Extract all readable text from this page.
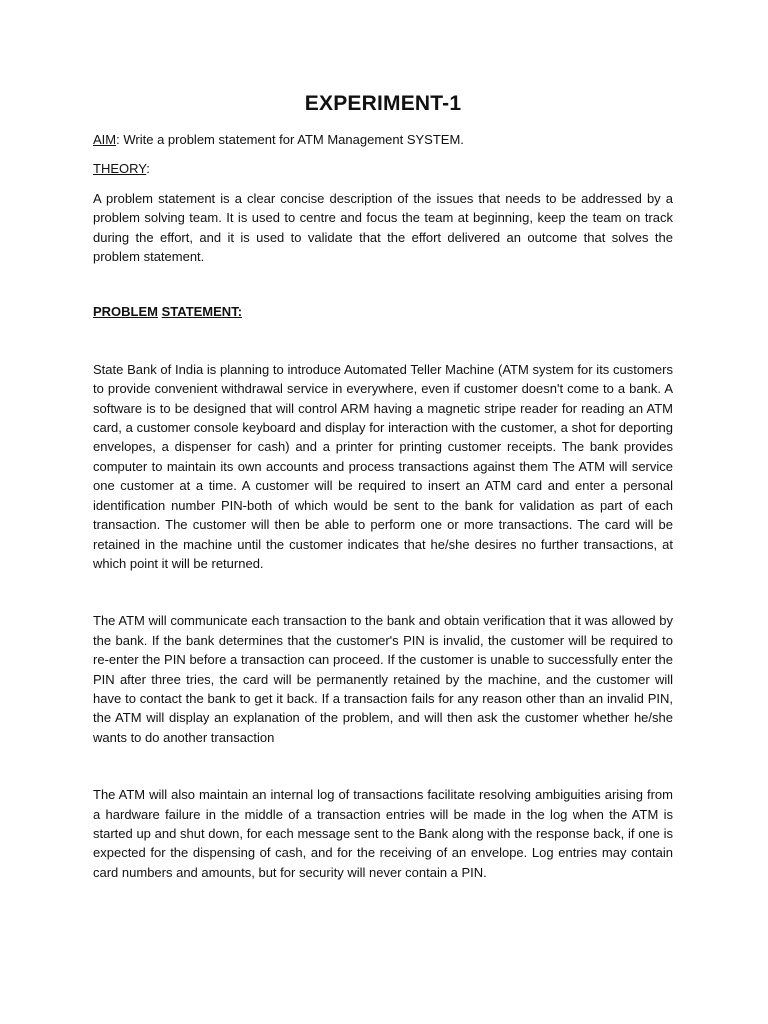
EXPERIMENT-1

AIM: Write a problem statement for ATM Management SYSTEM.

THEORY:

A problem statement is a clear concise description of the issues that needs to be addressed by a problem solving team. It is used to centre and focus the team at beginning, keep the team on track during the effort, and it is used to validate that the effort delivered an outcome that solves the problem statement.

PROBLEM STATEMENT:

State Bank of India is planning to introduce Automated Teller Machine (ATM system for its customers to provide convenient withdrawal service in everywhere, even if customer doesn't come to a bank. A software is to be designed that will control ARM having a magnetic stripe reader for reading an ATM card, a customer console keyboard and display for interaction with the customer, a shot for deporting envelopes, a dispenser for cash) and a printer for printing customer receipts. The bank provides computer to maintain its own accounts and process transactions against them The ATM will service one customer at a time. A customer will be required to insert an ATM card and enter a personal identification number PIN-both of which would be sent to the bank for validation as part of each transaction. The customer will then be able to perform one or more transactions. The card will be retained in the machine until the customer indicates that he/she desires no further transactions, at which point it will be returned.

The ATM will communicate each transaction to the bank and obtain verification that it was allowed by the bank. If the bank determines that the customer's PIN is invalid, the customer will be required to re-enter the PIN before a transaction can proceed. If the customer is unable to successfully enter the PIN after three tries, the card will be permanently retained by the machine, and the customer will have to contact the bank to get it back. If a transaction fails for any reason other than an invalid PIN, the ATM will display an explanation of the problem, and will then ask the customer whether he/she wants to do another transaction

The ATM will also maintain an internal log of transactions facilitate resolving ambiguities arising from a hardware failure in the middle of a transaction entries will be made in the log when the ATM is started up and shut down, for each message sent to the Bank along with the response back, if one is expected for the dispensing of cash, and for the receiving of an envelope. Log entries may contain card numbers and amounts, but for security will never contain a PIN.
